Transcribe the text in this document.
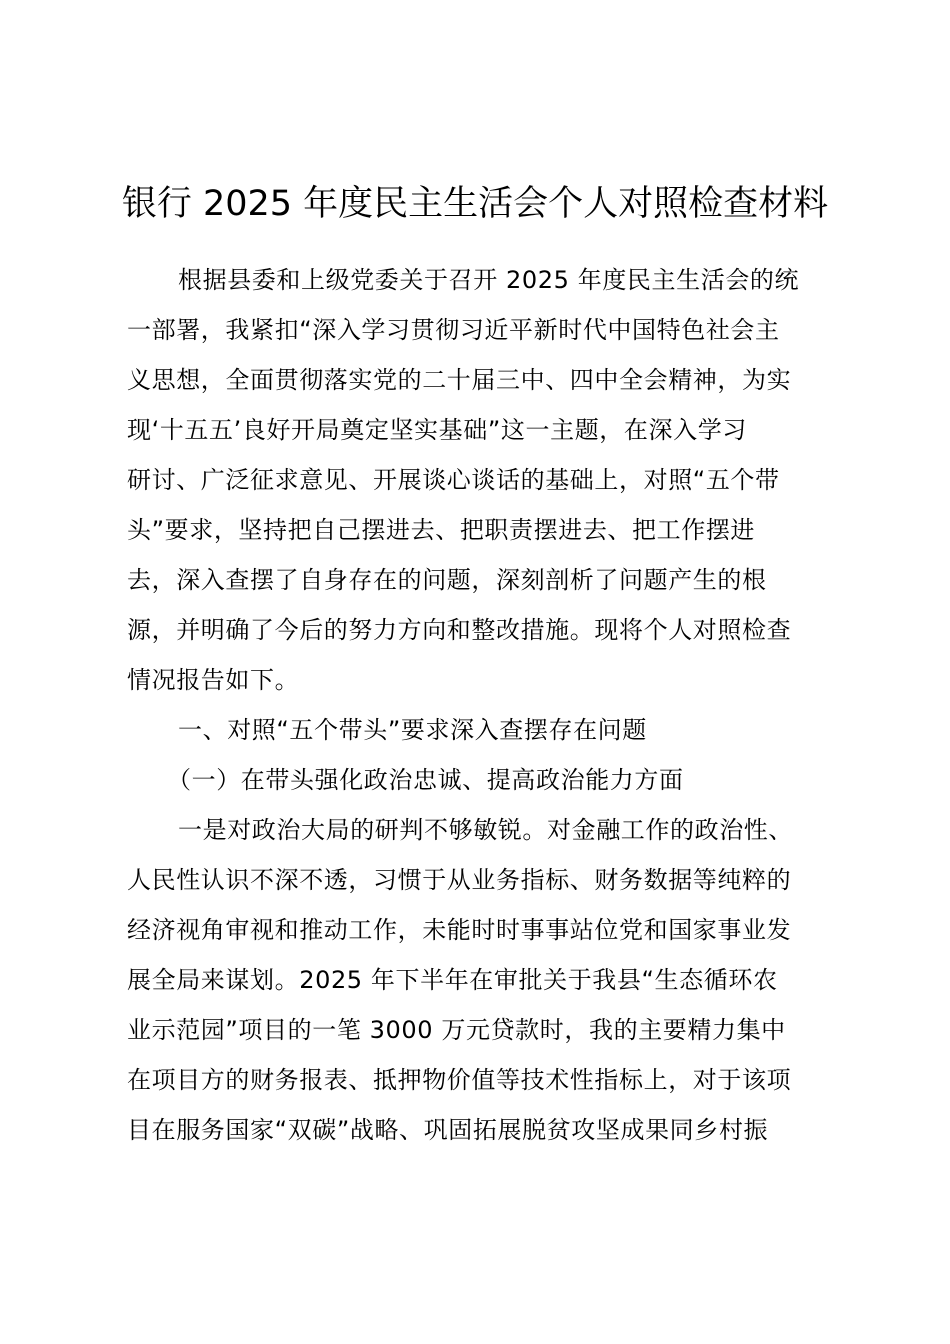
银行 2025 年度民主生活会个人对照检查材料
根据县委和上级党委关于召开 2025 年度民主生活会的统
一部署，我紧扣“深入学习贯彻习近平新时代中国特色社会主
义思想，全面贯彻落实党的二十届三中、四中全会精神，为实
现‘十五五’良好开局奠定坚实基础”这一主题，在深入学习
研讨、广泛征求意见、开展谈心谈话的基础上，对照“五个带
头”要求，坚持把自己摆进去、把职责摆进去、把工作摆进
去，深入查摆了自身存在的问题，深刻剖析了问题产生的根
源，并明确了今后的努力方向和整改措施。现将个人对照检查
情况报告如下。
一、对照“五个带头”要求深入查摆存在问题
（一）在带头强化政治忠诚、提高政治能力方面
一是对政治大局的研判不够敏锐。对金融工作的政治性、
人民性认识不深不透，习惯于从业务指标、财务数据等纯粹的
经济视角审视和推动工作，未能时时事事站位党和国家事业发
展全局来谋划。2025 年下半年在审批关于我县“生态循环农
业示范园”项目的一笔 3000 万元贷款时，我的主要精力集中
在项目方的财务报表、抵押物价值等技术性指标上，对于该项
目在服务国家“双碳”战略、巩固拓展脱贫攻坚成果同乡村振
